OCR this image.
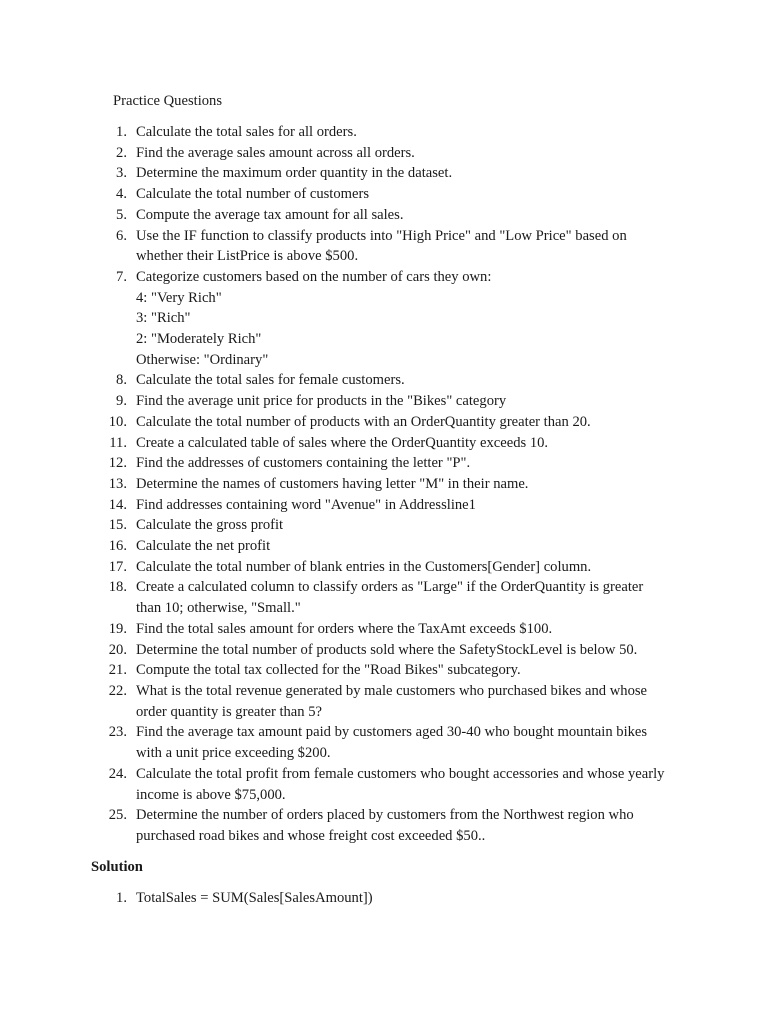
Practice Questions
1. Calculate the total sales for all orders.
2. Find the average sales amount across all orders.
3. Determine the maximum order quantity in the dataset.
4. Calculate the total number of customers
5. Compute the average tax amount for all sales.
6. Use the IF function to classify products into "High Price" and "Low Price" based on whether their ListPrice is above $500.
7. Categorize customers based on the number of cars they own:
4: "Very Rich"
3: "Rich"
2: "Moderately Rich"
Otherwise: "Ordinary"
8. Calculate the total sales for female customers.
9. Find the average unit price for products in the "Bikes" category
10. Calculate the total number of products with an OrderQuantity greater than 20.
11. Create a calculated table of sales where the OrderQuantity exceeds 10.
12. Find the addresses of customers containing the letter "P".
13. Determine the names of customers having letter "M" in their name.
14. Find addresses containing word "Avenue" in Addressline1
15. Calculate the gross profit
16. Calculate the net profit
17. Calculate the total number of blank entries in the Customers[Gender] column.
18. Create a calculated column to classify orders as "Large" if the OrderQuantity is greater than 10; otherwise, "Small."
19. Find the total sales amount for orders where the TaxAmt exceeds $100.
20. Determine the total number of products sold where the SafetyStockLevel is below 50.
21. Compute the total tax collected for the "Road Bikes" subcategory.
22. What is the total revenue generated by male customers who purchased bikes and whose order quantity is greater than 5?
23. Find the average tax amount paid by customers aged 30-40 who bought mountain bikes with a unit price exceeding $200.
24. Calculate the total profit from female customers who bought accessories and whose yearly income is above $75,000.
25. Determine the number of orders placed by customers from the Northwest region who purchased road bikes and whose freight cost exceeded $50..
Solution
1. TotalSales = SUM(Sales[SalesAmount])
